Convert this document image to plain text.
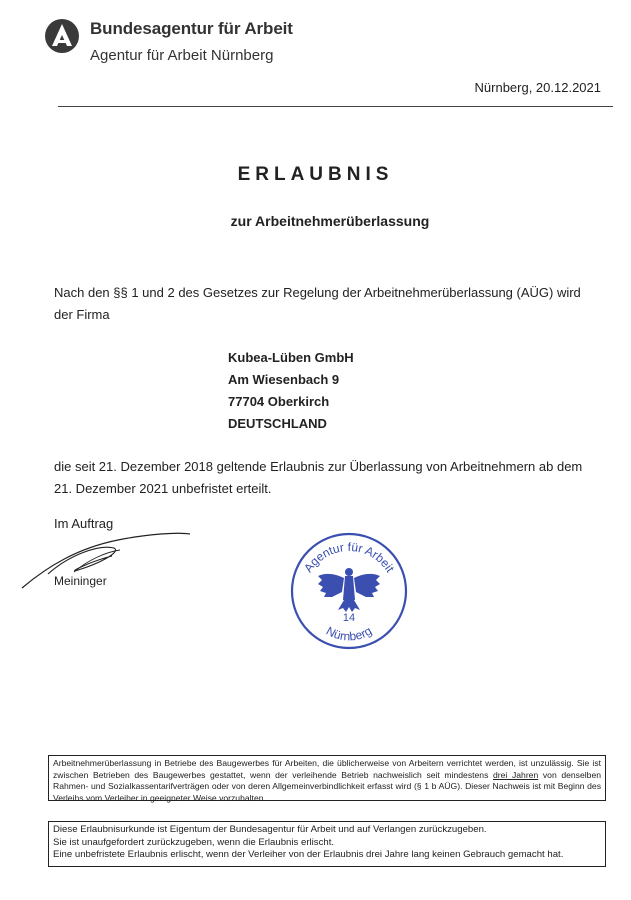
Bundesagentur für Arbeit
Agentur für Arbeit Nürnberg
Nürnberg, 20.12.2021
ERLAUBNIS
zur Arbeitnehmerüberlassung
Nach den §§ 1 und 2 des Gesetzes zur Regelung der Arbeitnehmerüberlassung (AÜG) wird der Firma
Kubea-Lüben GmbH
Am Wiesenbach 9
77704 Oberkirch
DEUTSCHLAND
die seit 21. Dezember 2018 geltende Erlaubnis zur Überlassung von Arbeitnehmern ab dem 21. Dezember 2021 unbefristet erteilt.
Im Auftrag
Meininger
Agentur für Arbeit
14
Nürnberg

Arbeitnehmerüberlassung in Betriebe des Baugewerbes für Arbeiten, die üblicherweise von Arbeitern verrichtet werden, ist unzulässig. Sie ist zwischen Betrieben des Baugewerbes gestattet, wenn der verleihende Betrieb nachweislich seit mindestens drei Jahren von denselben Rahmen- und Sozialkassentarifverträgen oder von deren Allgemeinverbindlichkeit erfasst wird (§ 1 b AÜG). Dieser Nachweis ist mit Beginn des Verleihs vom Verleiher in geeigneter Weise vorzuhalten.

Diese Erlaubnisurkunde ist Eigentum der Bundesagentur für Arbeit und auf Verlangen zurückzugeben.

Sie ist unaufgefordert zurückzugeben, wenn die Erlaubnis erlischt.

Eine unbefristete Erlaubnis erlischt, wenn der Verleiher von der Erlaubnis drei Jahre lang keinen Gebrauch gemacht hat.
